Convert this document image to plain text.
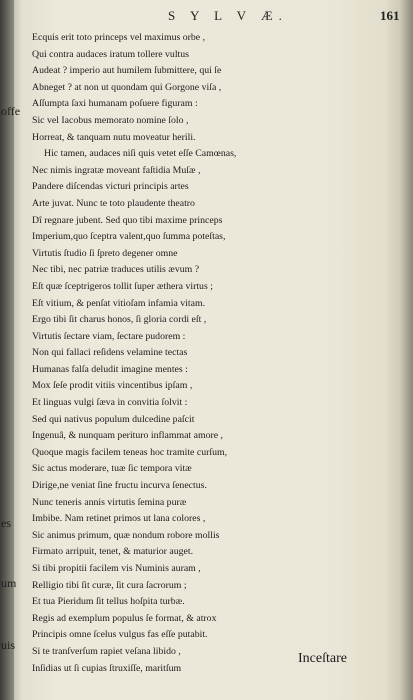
S Y L V Æ.	161
offe
es
um
uis

Ecquis erit toto princeps vel maximus orbe ,

Qui contra audaces iratum tollere vultus

Audeat ? imperio aut humilem ſubmittere, qui ſe

Abneget ? at non ut quondam qui Gorgone viſa ,

Aſſumpta ſaxi humanam poſuere figuram :

Sic vel Iacobus memorato nomine ſolo ,

Horreat, & tanquam nutu moveatur herili.

Hic tamen, audaces niſi quis vetet eſſe Camœnas,

Nec nimis ingratæ moveant faſtidia Muſæ ,

Pandere diſcendas victuri principis artes

Arte juvat. Nunc te toto plaudente theatro

Dî regnare jubent. Sed quo tibi maxime princeps

Imperium,quo ſceptra valent,quo ſumma poteſtas,

Virtutis ſtudio ſi ſpreto degener omne

Nec tibi, nec patriæ traduces utilis ævum ?

Eſt quæ ſceptrigeros tollit ſuper æthera virtus ;

Eſt vitium, & penſat vitioſam infamia vitam.

Ergo tibi ſit charus honos, ſi gloria cordi eſt ,

Virtutis ſectare viam, ſectare pudorem :

Non qui fallaci reſidens velamine tectas

Humanas falſa deludit imagine mentes :

Mox ſeſe prodit vitiis vincentibus ipſam ,

Et linguas vulgi ſæva in convitia ſolvit :

Sed qui nativus populum dulcedine paſcit

Ingenuâ, & nunquam perituro inflammat amore ,

Quoque magis facilem teneas hoc tramite curſum,

Sic actus moderare, tuæ ſic tempora vitæ

Dirige,ne veniat ſine fructu incurva ſenectus.

Nunc teneris annis virtutis ſemina puræ

Imbibe. Nam retinet primos ut lana colores ,

Sic animus primum, quæ nondum robore mollis

Firmato arripuit, tenet, & maturior auget.

Si tibi propitii facilem vis Numinis auram ,

Relligio tibi ſit curæ, ſit cura ſacrorum ;

Et tua Pieridum ſit tellus hoſpita turbæ.

Regis ad exemplum populus ſe format, & atrox

Principis omne ſcelus vulgus fas eſſe putabit.

Si te tranſverſum rapiet veſana libido ,

Inſidias ut ſi cupias ſtruxiſſe, maritſum

Inceſtare
